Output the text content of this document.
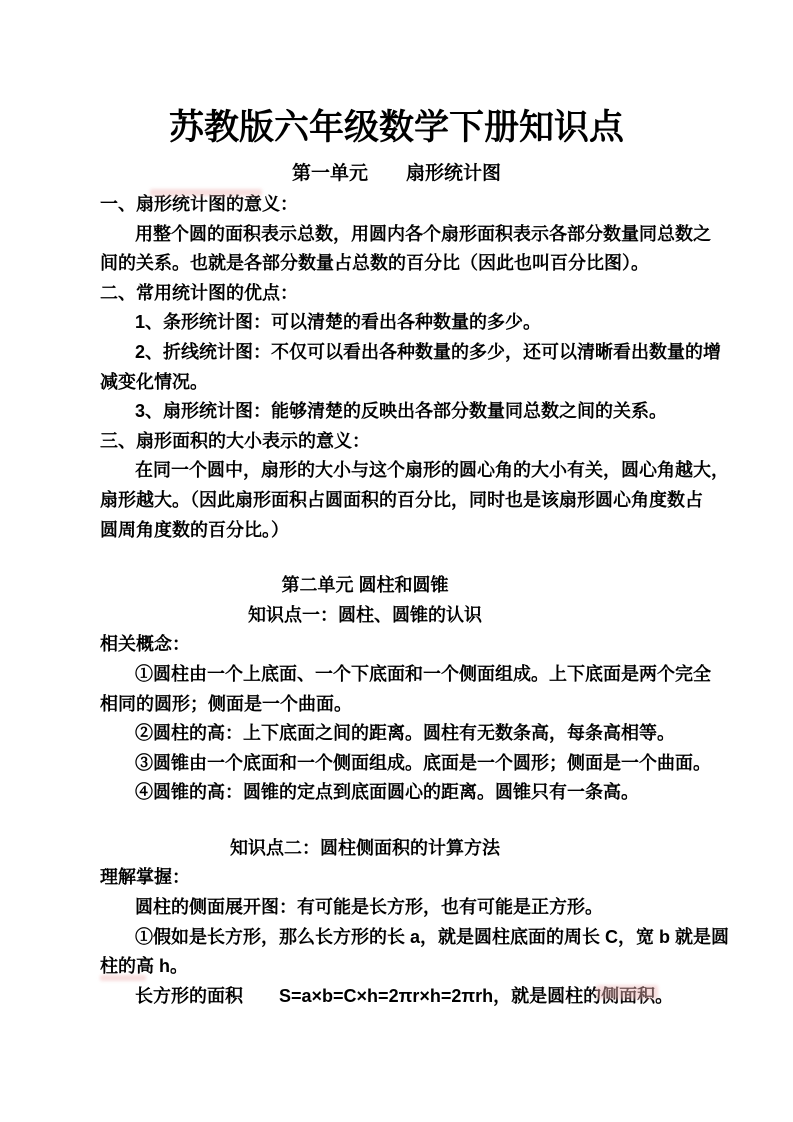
苏教版六年级数学下册知识点
第一单元　　扇形统计图
一、扇形统计图的意义：
用整个圆的面积表示总数，用圆内各个扇形面积表示各部分数量同总数之
间的关系。也就是各部分数量占总数的百分比（因此也叫百分比图）。
二、常用统计图的优点：
1、条形统计图：可以清楚的看出各种数量的多少。
2、折线统计图：不仅可以看出各种数量的多少，还可以清晰看出数量的增
减变化情况。
3、扇形统计图：能够清楚的反映出各部分数量同总数之间的关系。
三、扇形面积的大小表示的意义：
在同一个圆中，扇形的大小与这个扇形的圆心角的大小有关，圆心角越大，
扇形越大。（因此扇形面积占圆面积的百分比，同时也是该扇形圆心角度数占
圆周角度数的百分比。）
第二单元 圆柱和圆锥
知识点一：圆柱、圆锥的认识
相关概念：
①圆柱由一个上底面、一个下底面和一个侧面组成。上下底面是两个完全
相同的圆形；侧面是一个曲面。
②圆柱的高：上下底面之间的距离。圆柱有无数条高，每条高相等。
③圆锥由一个底面和一个侧面组成。底面是一个圆形；侧面是一个曲面。
④圆锥的高：圆锥的定点到底面圆心的距离。圆锥只有一条高。
知识点二：圆柱侧面积的计算方法
理解掌握：
圆柱的侧面展开图：有可能是长方形，也有可能是正方形。
①假如是长方形，那么长方形的长 a，就是圆柱底面的周长 C，宽 b 就是圆
柱的高 h。
长方形的面积　　S=a×b=C×h=2πr×h=2πrh，就是圆柱的侧面积。
